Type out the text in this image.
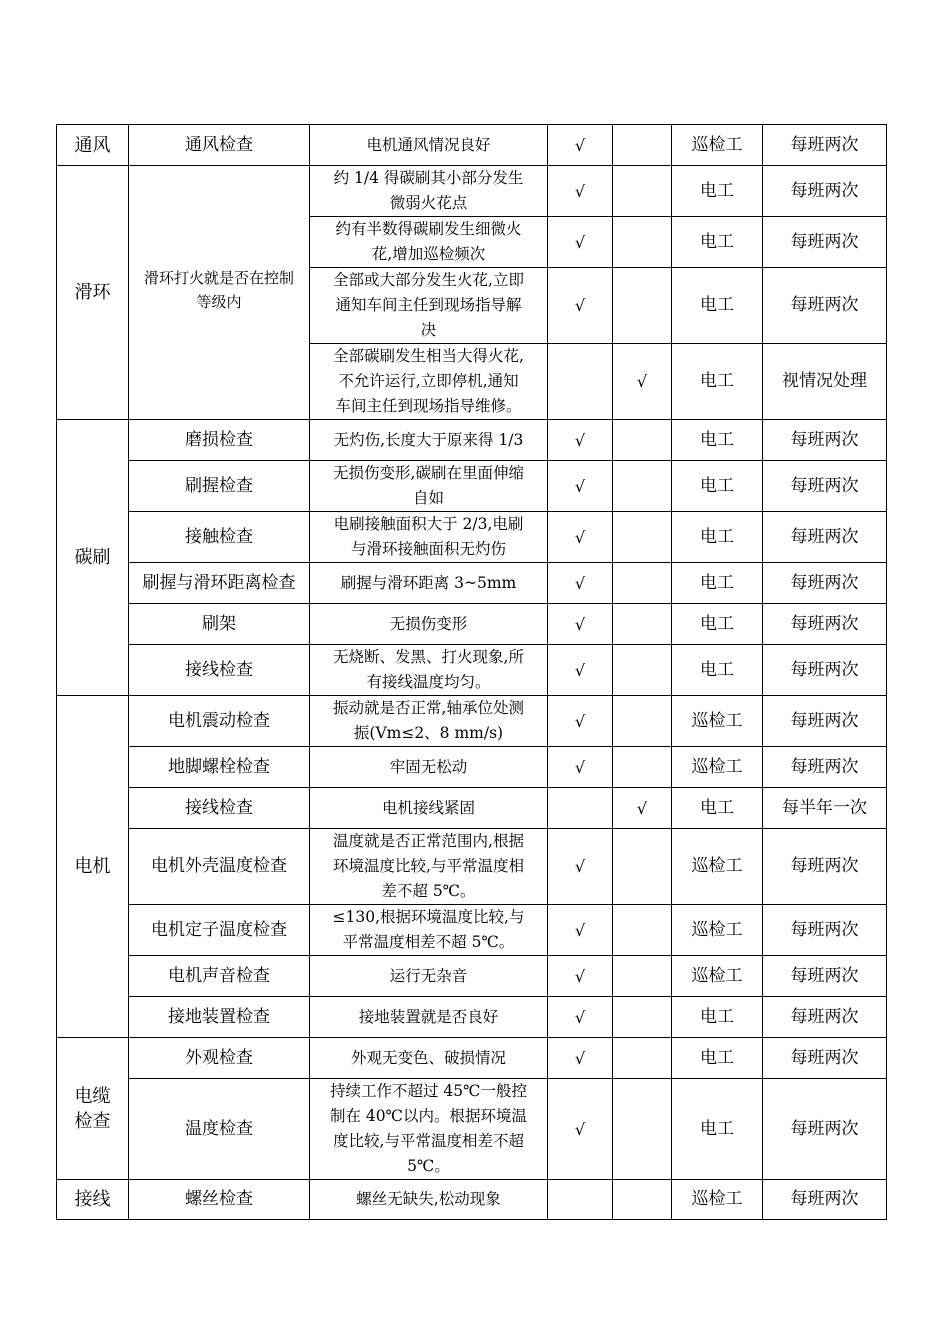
通风	通风检查	电机通风情况良好	√		巡检工	每班两次
滑环	滑环打火就是否在控制等级内	约 1/4 得碳刷其小部分发生
微弱火花点	√		电工	每班两次

		约有半数得碳刷发生细微火
花,增加巡检频次	√		电工	每班两次

		全部或大部分发生火花,立即
通知车间主任到现场指导解
决	√		电工	每班两次

		全部碳刷发生相当大得火花,
不允许运行,立即停机,通知
车间主任到现场指导维修。		√	电工	视情况处理
碳刷	磨损检查	无灼伤,长度大于原来得 1/3	√		电工	每班两次
	刷握检查	无损伤变形,碳刷在里面伸缩
自如	√		电工	每班两次
	接触检查	电刷接触面积大于 2/3,电刷
与滑环接触面积无灼伤	√		电工	每班两次
	刷握与滑环距离检查	刷握与滑环距离 3~5mm	√		电工	每班两次
	刷架	无损伤变形	√		电工	每班两次
	接线检查	无烧断、发黑、打火现象,所
有接线温度均匀。	√		电工	每班两次
电机	电机震动检查	振动就是否正常,轴承位处测
振(Vm≤2、8 mm/s)	√		巡检工	每班两次
	地脚螺栓检查	牢固无松动	√		巡检工	每班两次
	接线检查	电机接线紧固		√	电工	每半年一次
	电机外壳温度检查	温度就是否正常范围内,根据
环境温度比较,与平常温度相
差不超 5℃。	√		巡检工	每班两次
	电机定子温度检查	≤130,根据环境温度比较,与
平常温度相差不超 5℃。	√		巡检工	每班两次
	电机声音检查	运行无杂音	√		巡检工	每班两次
	接地装置检查	接地装置就是否良好	√		电工	每班两次

电缆
检查	外观检查	外观无变色、破损情况	√		电工	每班两次
	温度检查	持续工作不超过 45℃一般控
制在 40℃以内。根据环境温
度比较,与平常温度相差不超
5℃。	√		电工	每班两次
接线	螺丝检查	螺丝无缺失,松动现象			巡检工	每班两次
